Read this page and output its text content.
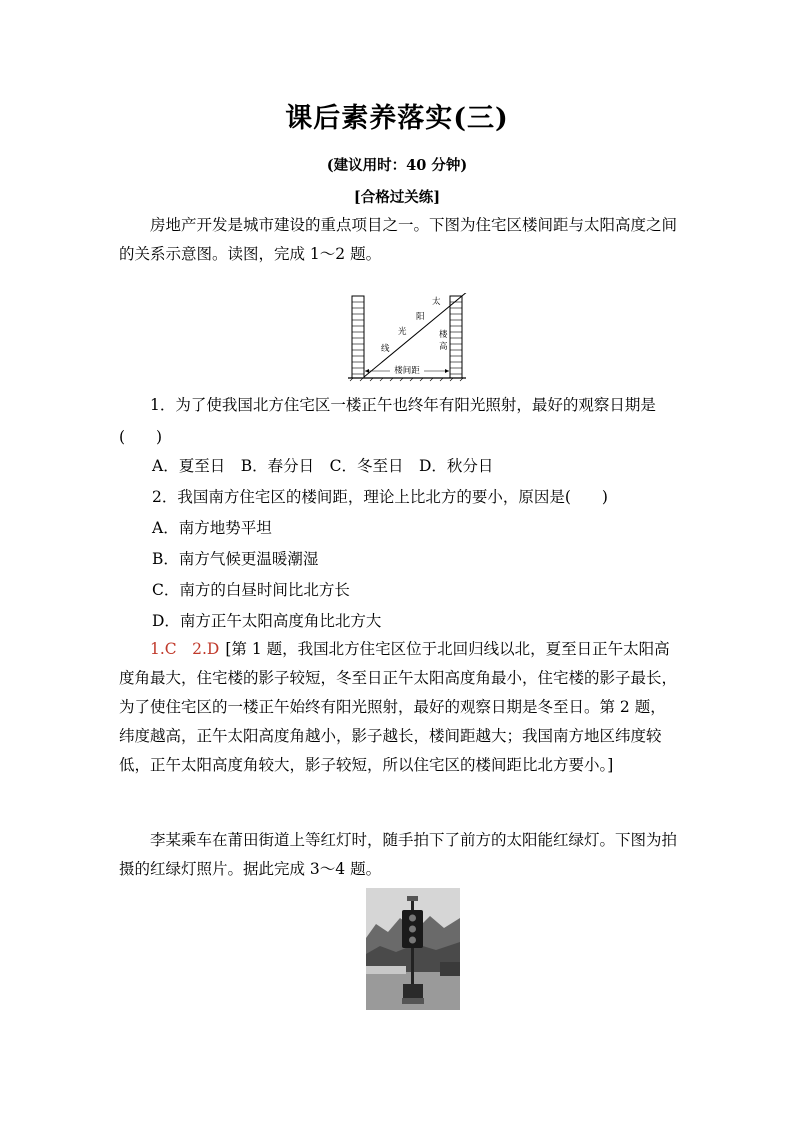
课后素养落实(三)
(建议用时：40 分钟)
[合格过关练]
房地产开发是城市建设的重点项目之一。下图为住宅区楼间距与太阳高度之间的关系示意图。读图，完成 1～2 题。
楼间距
太
阳
光
线
楼
高
1．为了使我国北方住宅区一楼正午也终年有阳光照射，最好的观察日期是
(　　)
A．夏至日　B．春分日　C．冬至日　D．秋分日
2．我国南方住宅区的楼间距，理论上比北方的要小，原因是(　　)
A．南方地势平坦
B．南方气候更温暖潮湿
C．南方的白昼时间比北方长
D．南方正午太阳高度角比北方大
1.C　2.D [第 1 题，我国北方住宅区位于北回归线以北，夏至日正午太阳高度角最大，住宅楼的影子较短，冬至日正午太阳高度角最小，住宅楼的影子最长，为了使住宅区的一楼正午始终有阳光照射，最好的观察日期是冬至日。第 2 题，纬度越高，正午太阳高度角越小，影子越长，楼间距越大；我国南方地区纬度较低，正午太阳高度角较大，影子较短，所以住宅区的楼间距比北方要小。]
李某乘车在莆田街道上等红灯时，随手拍下了前方的太阳能红绿灯。下图为拍摄的红绿灯照片。据此完成 3～4 题。
